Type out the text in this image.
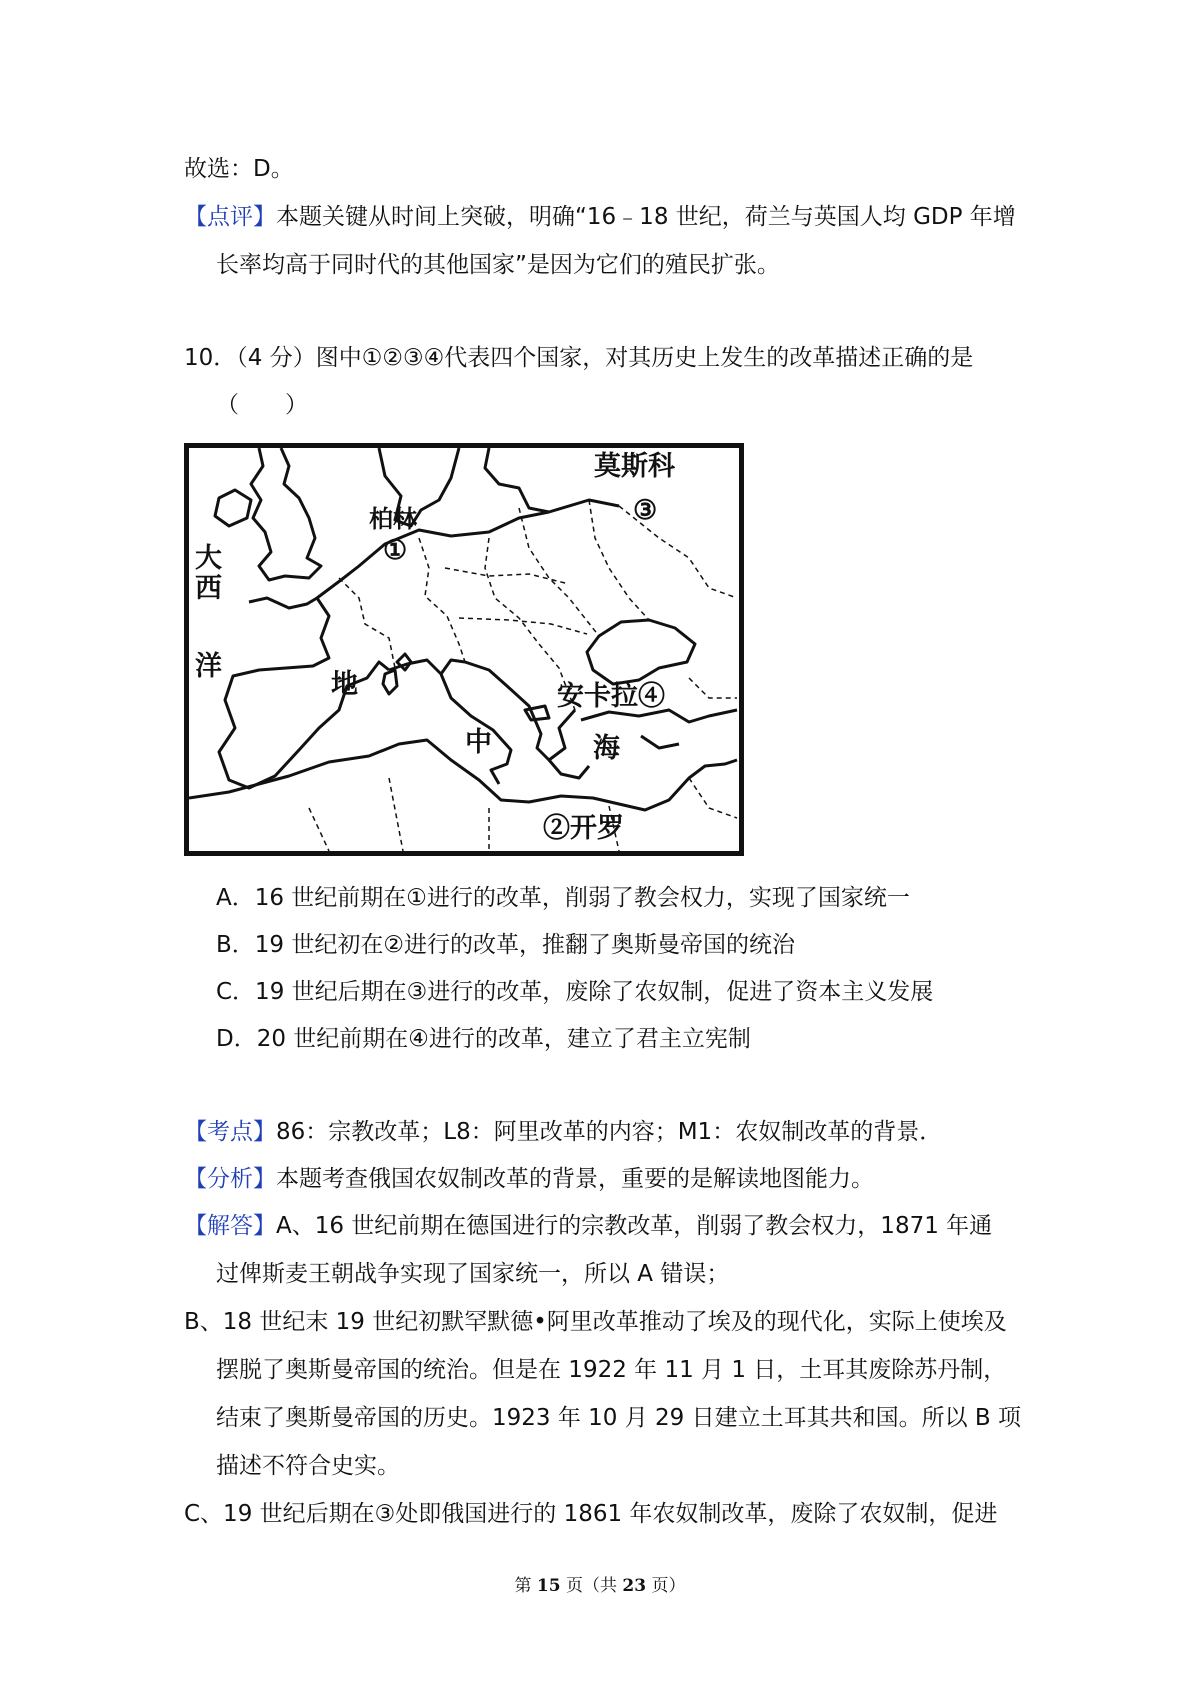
故选：D。
【点评】本题关键从时间上突破，明确“16﹣18 世纪，荷兰与英国人均 GDP 年增
长率均高于同时代的其他国家”是因为它们的殖民扩张。
10．（4 分）图中①②③④代表四个国家，对其历史上发生的改革描述正确的是
（　　）
莫斯科
③
柏林
①
大
西
洋
地	安卡拉④
中	海
②开罗
A．16 世纪前期在①进行的改革，削弱了教会权力，实现了国家统一
B．19 世纪初在②进行的改革，推翻了奥斯曼帝国的统治
C．19 世纪后期在③进行的改革，废除了农奴制，促进了资本主义发展
D．20 世纪前期在④进行的改革，建立了君主立宪制
【考点】86：宗教改革；L8：阿里改革的内容；M1：农奴制改革的背景．
【分析】本题考查俄国农奴制改革的背景，重要的是解读地图能力。
【解答】A、16 世纪前期在德国进行的宗教改革，削弱了教会权力，1871 年通
过俾斯麦王朝战争实现了国家统一，所以 A 错误；
B、18 世纪末 19 世纪初默罕默德•阿里改革推动了埃及的现代化，实际上使埃及
摆脱了奥斯曼帝国的统治。但是在 1922 年 11 月 1 日，土耳其废除苏丹制，
结束了奥斯曼帝国的历史。1923 年 10 月 29 日建立土耳其共和国。所以 B 项
描述不符合史实。
C、19 世纪后期在③处即俄国进行的 1861 年农奴制改革，废除了农奴制，促进
第 15 页（共 23 页）
